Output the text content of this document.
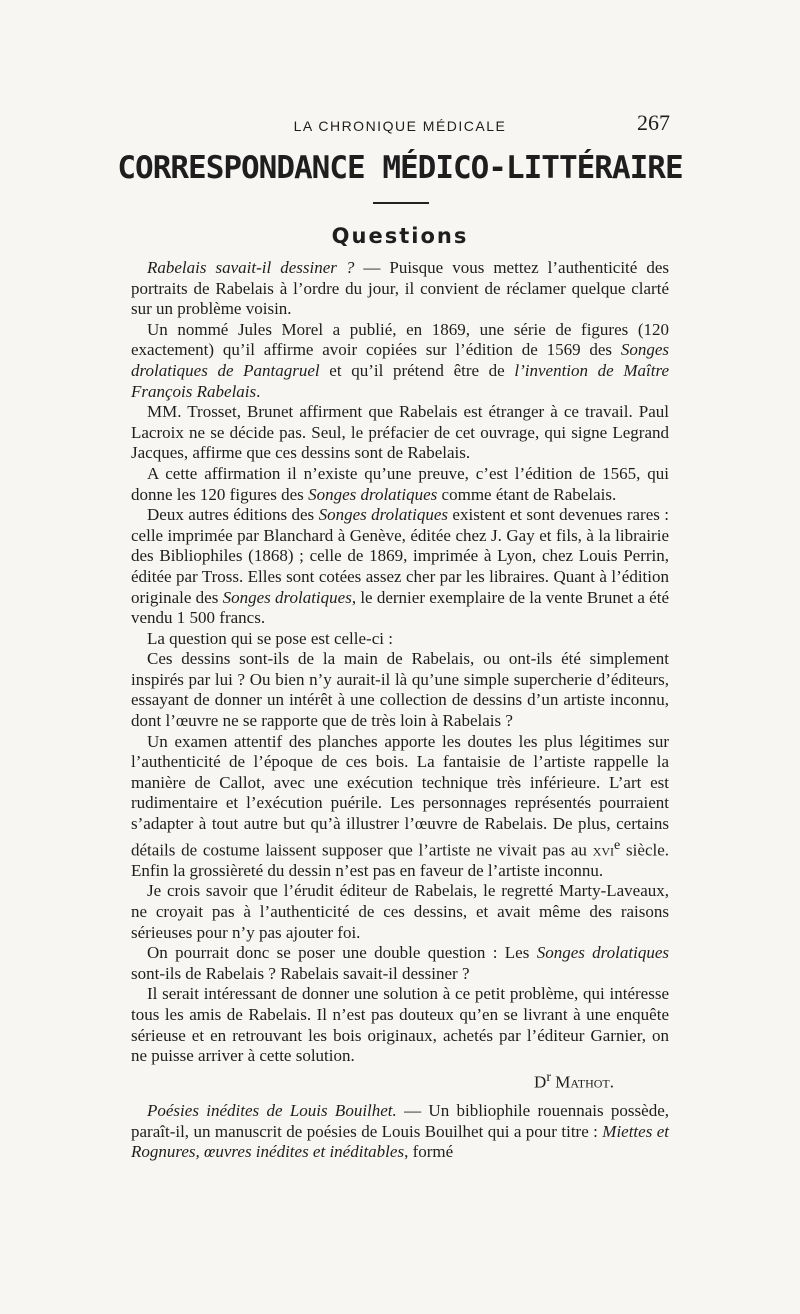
LA CHRONIQUE MÉDICALE	267
CORRESPONDANCE MÉDICO-LITTÉRAIRE
Questions

Rabelais savait-il dessiner ? — Puisque vous mettez l’authenticité des portraits de Rabelais à l’ordre du jour, il convient de réclamer quelque clarté sur un problème voisin.

Un nommé Jules Morel a publié, en 1869, une série de figures (120 exactement) qu’il affirme avoir copiées sur l’édition de 1569 des Songes drolatiques de Pantagruel et qu’il prétend être de l’invention de Maître François Rabelais.

MM. Trosset, Brunet affirment que Rabelais est étranger à ce travail. Paul Lacroix ne se décide pas. Seul, le préfacier de cet ouvrage, qui signe Legrand Jacques, affirme que ces dessins sont de Rabelais.

A cette affirmation il n’existe qu’une preuve, c’est l’édition de 1565, qui donne les 120 figures des Songes drolatiques comme étant de Rabelais.

Deux autres éditions des Songes drolatiques existent et sont devenues rares : celle imprimée par Blanchard à Genève, éditée chez J. Gay et fils, à la librairie des Bibliophiles (1868) ; celle de 1869, imprimée à Lyon, chez Louis Perrin, éditée par Tross. Elles sont cotées assez cher par les libraires. Quant à l’édition originale des Songes drolatiques, le dernier exemplaire de la vente Brunet a été vendu 1 500 francs.

La question qui se pose est celle-ci :

Ces dessins sont-ils de la main de Rabelais, ou ont-ils été simplement inspirés par lui ? Ou bien n’y aurait-il là qu’une simple supercherie d’éditeurs, essayant de donner un intérêt à une collection de dessins d’un artiste inconnu, dont l’œuvre ne se rapporte que de très loin à Rabelais ?

Un examen attentif des planches apporte les doutes les plus légitimes sur l’authenticité de l’époque de ces bois. La fantaisie de l’artiste rappelle la manière de Callot, avec une exécution technique très inférieure. L’art est rudimentaire et l’exécution puérile. Les personnages représentés pourraient s’adapter à tout autre but qu’à illustrer l’œuvre de Rabelais. De plus, certains détails de costume laissent supposer que l’artiste ne vivait pas au xvi$^e$ siècle. Enfin la grossièreté du dessin n’est pas en faveur de l’artiste inconnu.

Je crois savoir que l’érudit éditeur de Rabelais, le regretté Marty-Laveaux, ne croyait pas à l’authenticité de ces dessins, et avait même des raisons sérieuses pour n’y pas ajouter foi.

On pourrait donc se poser une double question : Les Songes drolatiques sont-ils de Rabelais ? Rabelais savait-il dessiner ?

Il serait intéressant de donner une solution à ce petit problème, qui intéresse tous les amis de Rabelais. Il n’est pas douteux qu’en se livrant à une enquête sérieuse et en retrouvant les bois originaux, achetés par l’éditeur Garnier, on ne puisse arriver à cette solution.

$D^r$ Mathot.

Poésies inédites de Louis Bouilhet. — Un bibliophile rouennais possède, paraît-il, un manuscrit de poésies de Louis Bouilhet qui a pour titre : Miettes et Rognures, œuvres inédites et inéditables, formé
